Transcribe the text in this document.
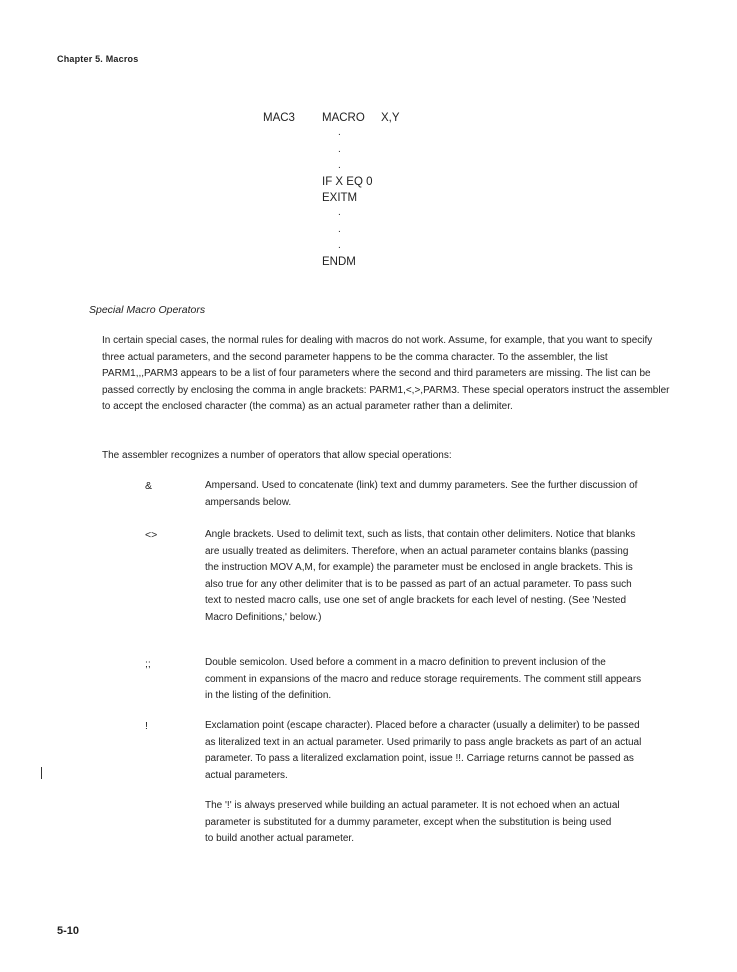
Chapter 5. Macros
MAC3 MACRO X,Y
.
.
.
IF X EQ 0
EXITM
.
.
.
ENDM
Special Macro Operators
In certain special cases, the normal rules for dealing with macros do not work. Assume, for example, that you want to specify three actual parameters, and the second parameter happens to be the comma character. To the assembler, the list PARM1,,,PARM3 appears to be a list of four parameters where the second and third parameters are missing. The list can be passed correctly by enclosing the comma in angle brackets: PARM1,<,>,PARM3. These special operators instruct the assembler to accept the enclosed character (the comma) as an actual parameter rather than a delimiter.
The assembler recognizes a number of operators that allow special operations:
&	Ampersand. Used to concatenate (link) text and dummy parameters. See the further discussion of ampersands below.
<>	Angle brackets. Used to delimit text, such as lists, that contain other delimiters. Notice that blanks are usually treated as delimiters. Therefore, when an actual parameter contains blanks (passing the instruction MOV A,M, for example) the parameter must be enclosed in angle brackets. This is also true for any other delimiter that is to be passed as part of an actual parameter. To pass such text to nested macro calls, use one set of angle brackets for each level of nesting. (See 'Nested Macro Definitions,' below.)
;;	Double semicolon. Used before a comment in a macro definition to prevent inclusion of the comment in expansions of the macro and reduce storage requirements. The comment still appears in the listing of the definition.
!	Exclamation point (escape character). Placed before a character (usually a delimiter) to be passed as literalized text in an actual parameter. Used primarily to pass angle brackets as part of an actual parameter. To pass a literalized exclamation point, issue !!. Carriage returns cannot be passed as actual parameters.
The '!' is always preserved while building an actual parameter. It is not echoed when an actual parameter is substituted for a dummy parameter, except when the substitution is being used to build another actual parameter.
5-10
